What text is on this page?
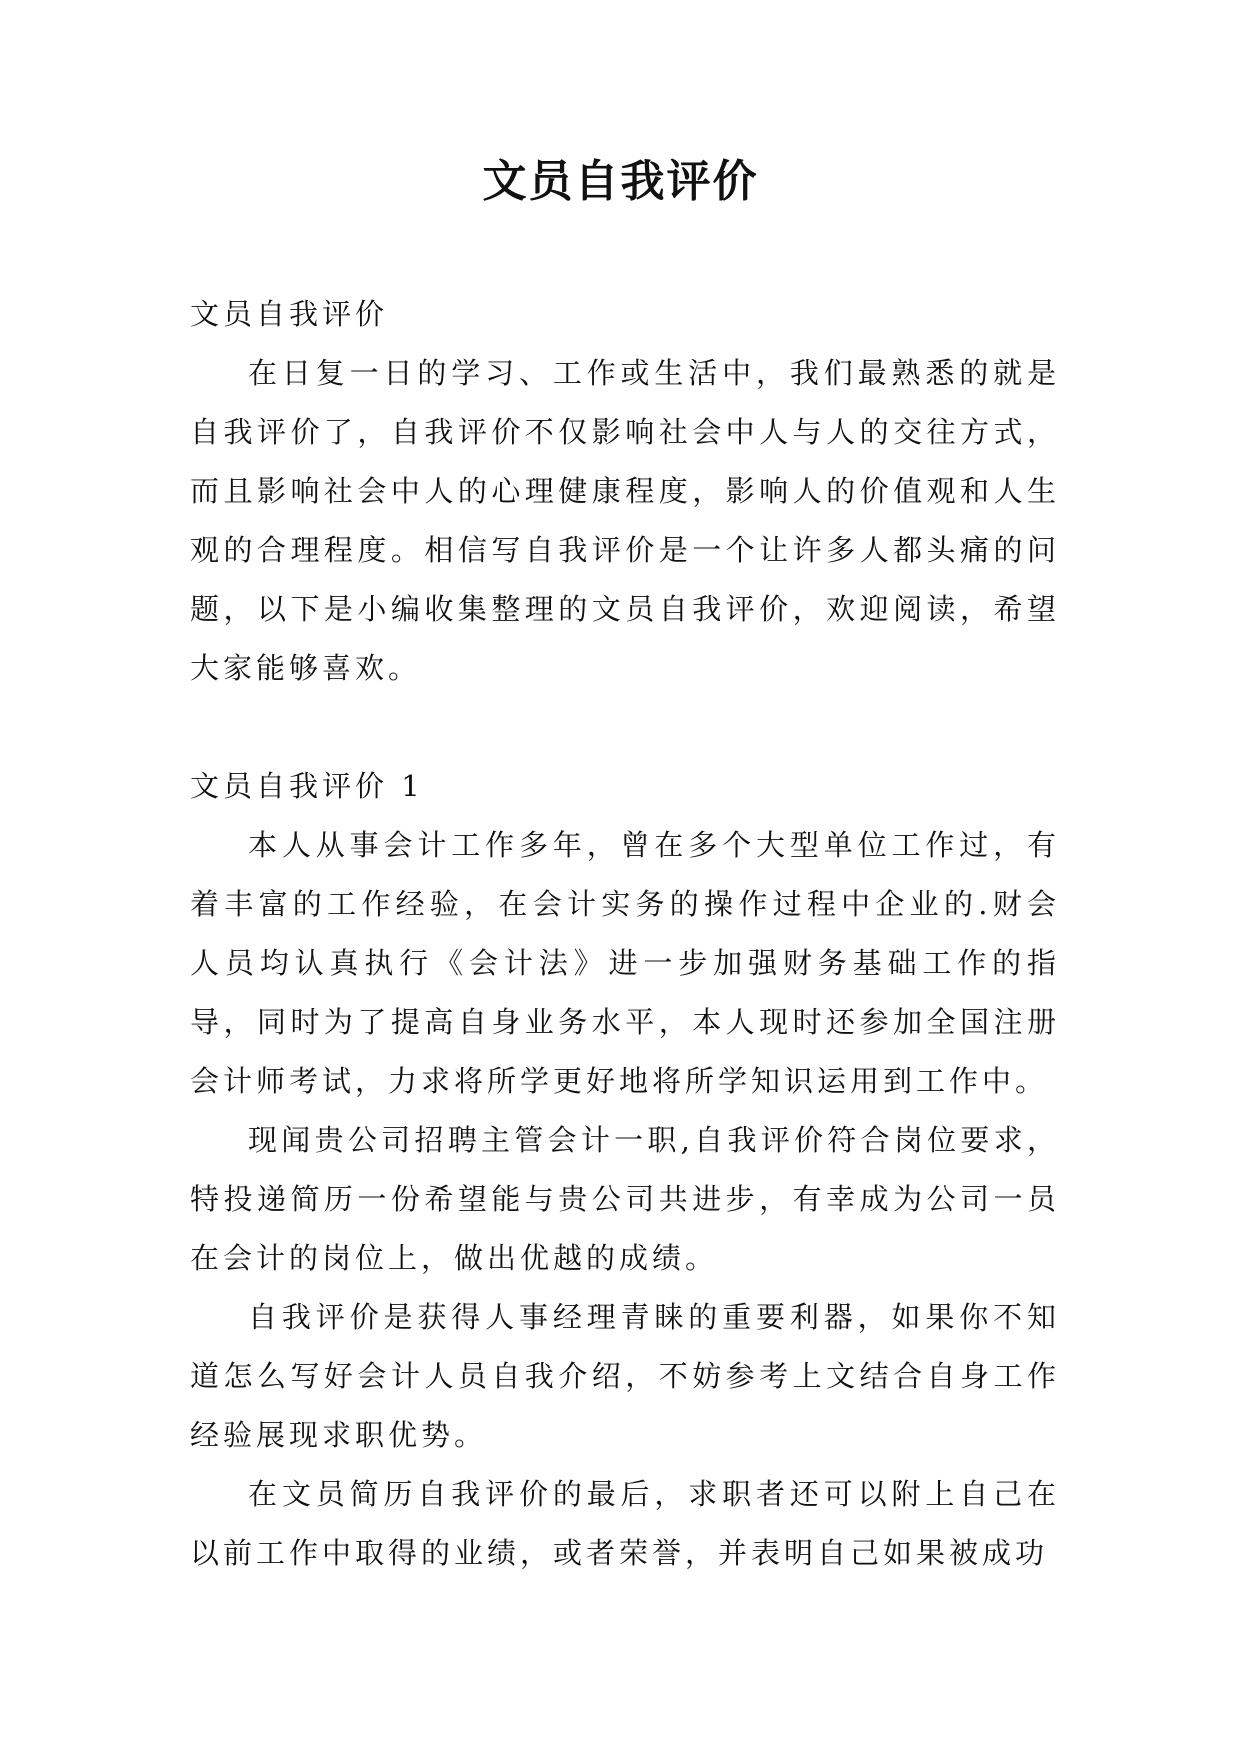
文员自我评价

文员自我评价

在日复一日的学习、工作或生活中，我们最熟悉的就是自我评价了，自我评价不仅影响社会中人与人的交往方式，而且影响社会中人的心理健康程度，影响人的价值观和人生观的合理程度。相信写自我评价是一个让许多人都头痛的问题，以下是小编收集整理的文员自我评价，欢迎阅读，希望大家能够喜欢。

文员自我评价 1

本人从事会计工作多年，曾在多个大型单位工作过，有着丰富的工作经验，在会计实务的操作过程中企业的.财会人员均认真执行《会计法》进一步加强财务基础工作的指导，同时为了提高自身业务水平，本人现时还参加全国注册会计师考试，力求将所学更好地将所学知识运用到工作中。

现闻贵公司招聘主管会计一职,自我评价符合岗位要求，特投递简历一份希望能与贵公司共进步，有幸成为公司一员在会计的岗位上，做出优越的成绩。

自我评价是获得人事经理青睐的重要利器，如果你不知道怎么写好会计人员自我介绍，不妨参考上文结合自身工作经验展现求职优势。

在文员简历自我评价的最后，求职者还可以附上自己在以前工作中取得的业绩，或者荣誉，并表明自己如果被成功
